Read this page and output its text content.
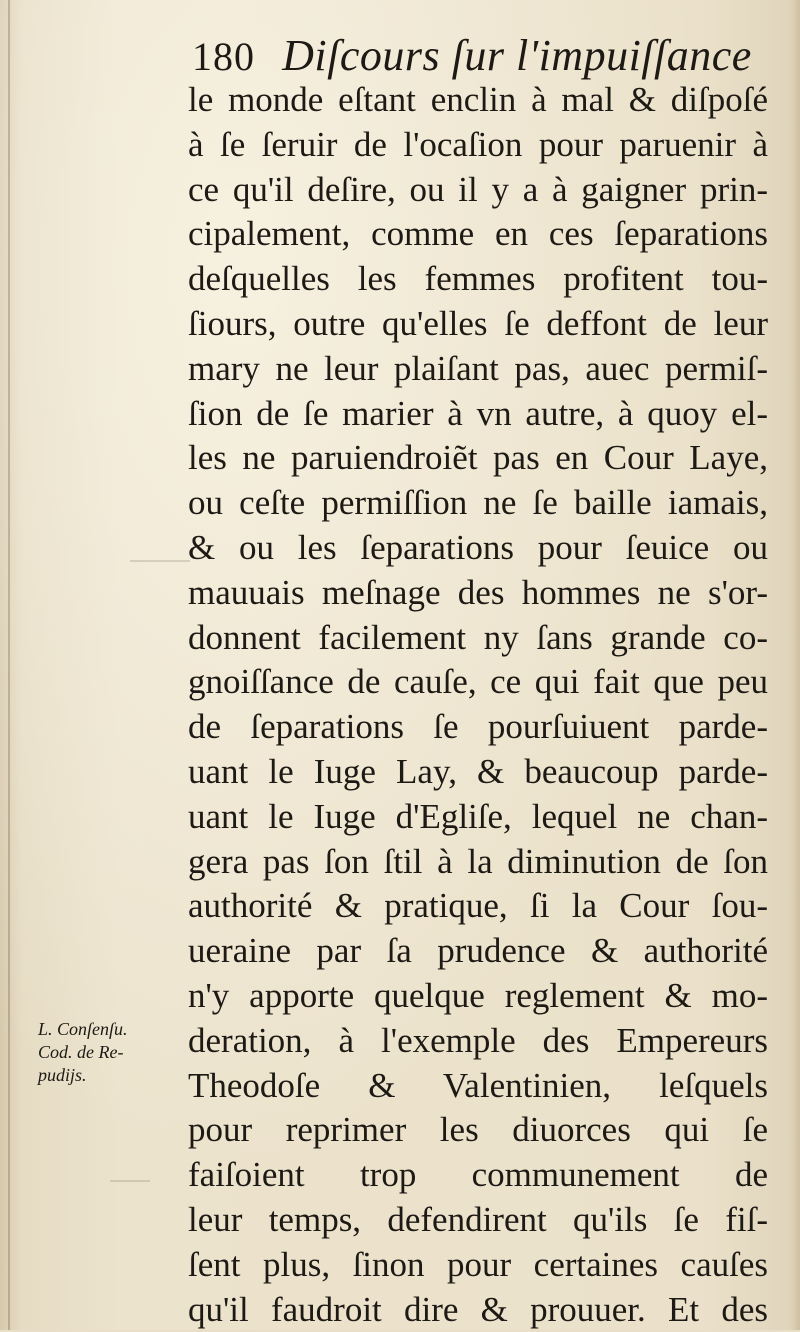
180 Diſcours ſur l'impuiſſance
le monde eſtant enclin à mal & diſpoſé
à ſe ſeruir de l'ocaſion pour paruenir à
ce qu'il deſire, ou il y a à gaigner prin-
cipalement, comme en ces ſeparations
deſquelles les femmes profitent tou-
ſiours, outre qu'elles ſe deffont de leur
mary ne leur plaiſant pas, auec permiſ-
ſion de ſe marier à vn autre, à quoy el-
les ne paruiendroiẽt pas en Cour Laye,
ou ceſte permiſſion ne ſe baille iamais,
& ou les ſeparations pour ſeuice ou
mauuais meſnage des hommes ne s'or-
donnent facilement ny ſans grande co-
gnoiſſance de cauſe, ce qui fait que peu
de ſeparations ſe pourſuiuent parde-
uant le Iuge Lay, & beaucoup parde-
uant le Iuge d'Egliſe, lequel ne chan-
gera pas ſon ſtil à la diminution de ſon
authorité & pratique, ſi la Cour ſou-
ueraine par ſa prudence & authorité
n'y apporte quelque reglement & mo-
deration, à l'exemple des Empereurs
Theodoſe & Valentinien, leſquels
pour reprimer les diuorces qui ſe
faiſoient trop communement de
leur temps, defendirent qu'ils ſe fiſ-
ſent plus, ſinon pour certaines cauſes
qu'il faudroit dire & prouuer. Et des
L. Conſenſu.
Cod. de Re-
pudijs.
